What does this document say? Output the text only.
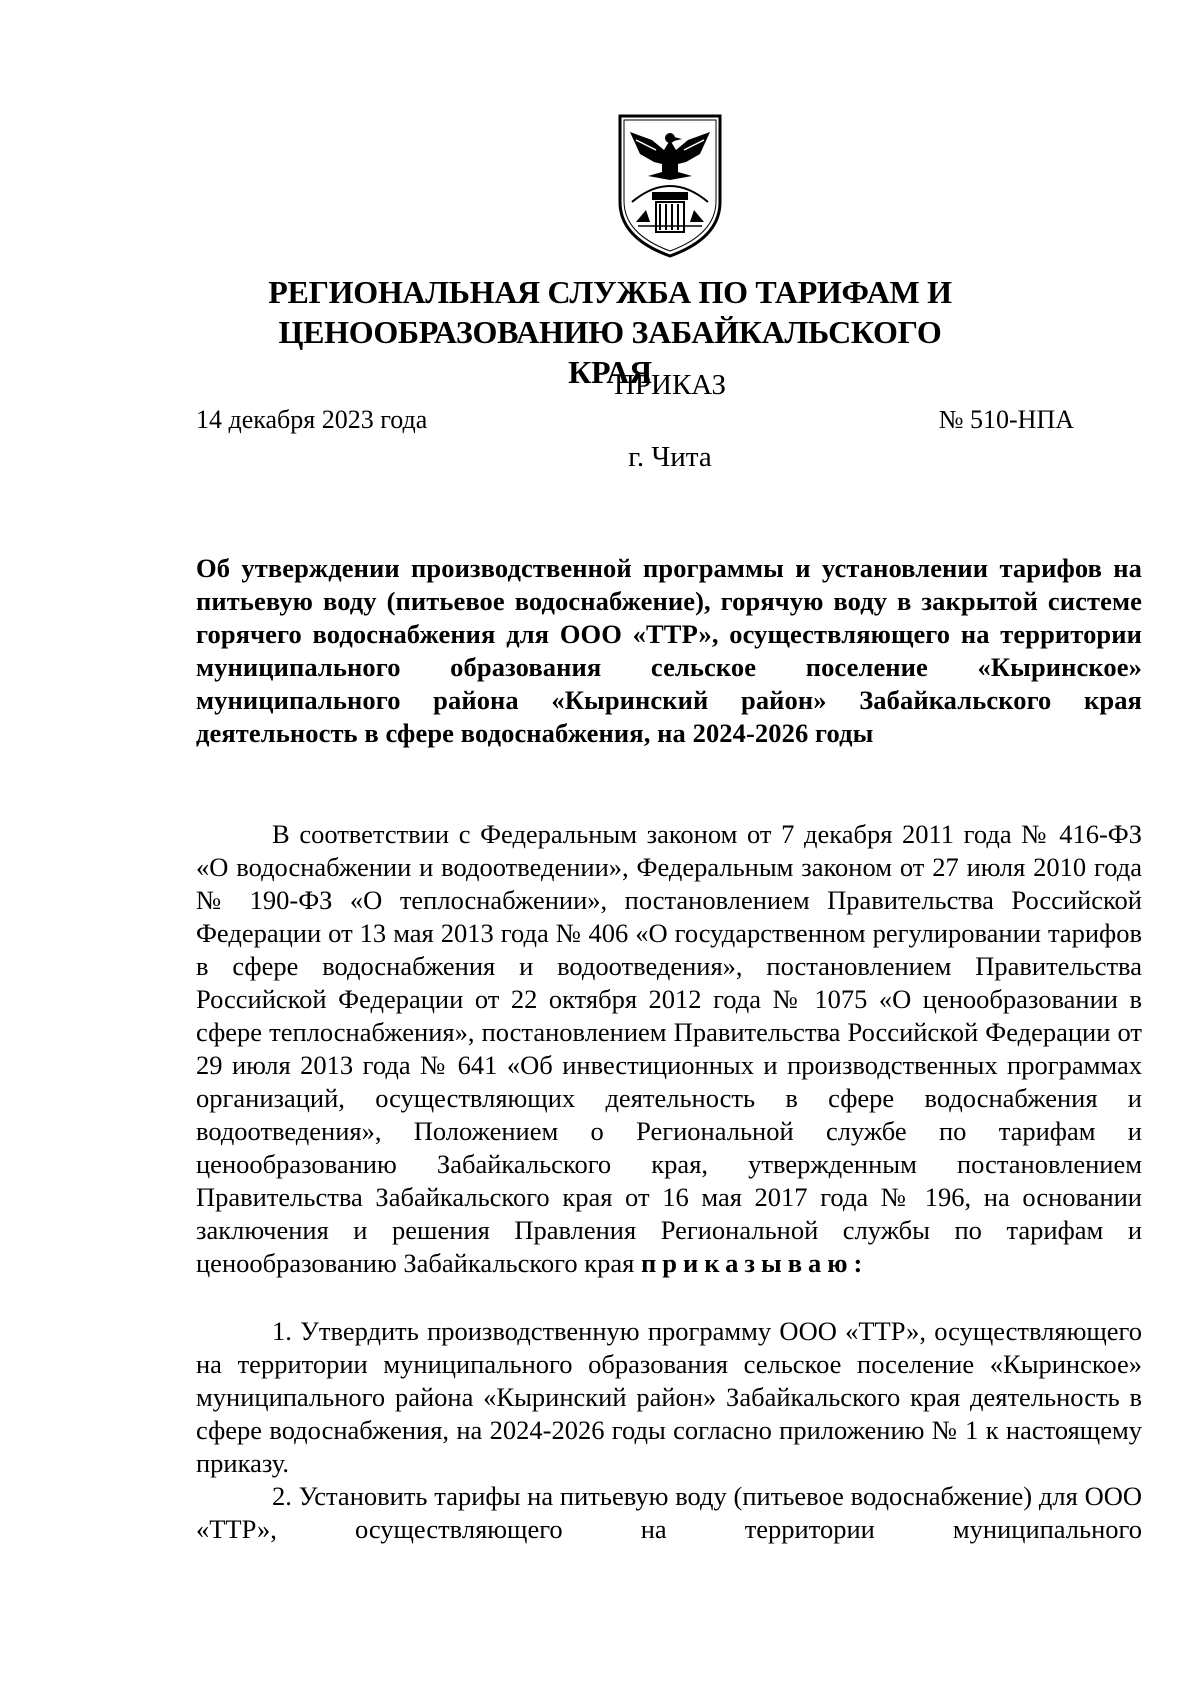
РЕГИОНАЛЬНАЯ СЛУЖБА ПО ТАРИФАМ И
ЦЕНООБРАЗОВАНИЮ ЗАБАЙКАЛЬСКОГО КРАЯ
ПРИКАЗ
14 декабря 2023 года	№ 510-НПА
г. Чита
Об утверждении производственной программы и установлении тарифов на питьевую воду (питьевое водоснабжение), горячую воду в закрытой системе горячего водоснабжения для ООО «ТТР», осуществляющего на территории муниципального образования сельское поселение «Кыринское» муниципального района «Кыринский район» Забайкальского края деятельность в сфере водоснабжения, на 2024-2026 годы

В соответствии с Федеральным законом от 7 декабря 2011 года № 416-ФЗ «О водоснабжении и водоотведении», Федеральным законом от 27 июля 2010 года № 190-ФЗ «О теплоснабжении», постановлением Правительства Российской Федерации от 13 мая 2013 года № 406 «О государственном регулировании тарифов в сфере водоснабжения и водоотведения», постановлением Правительства Российской Федерации от 22 октября 2012 года № 1075 «О ценообразовании в сфере теплоснабжения», постановлением Правительства Российской Федерации от 29 июля 2013 года № 641 «Об инвестиционных и производственных программах организаций, осуществляющих деятельность в сфере водоснабжения и водоотведения», Положением о Региональной службе по тарифам и ценообразованию Забайкальского края, утвержденным постановлением Правительства Забайкальского края от 16 мая 2017 года № 196, на основании заключения и решения Правления Региональной службы по тарифам и ценообразованию Забайкальского края приказываю:

1. Утвердить производственную программу ООО «ТТР», осуществляющего на территории муниципального образования сельское поселение «Кыринское» муниципального района «Кыринский район» Забайкальского края деятельность в сфере водоснабжения, на 2024-2026 годы согласно приложению № 1 к настоящему приказу.

2. Установить тарифы на питьевую воду (питьевое водоснабжение) для ООО «ТТР», осуществляющего на территории муниципального
